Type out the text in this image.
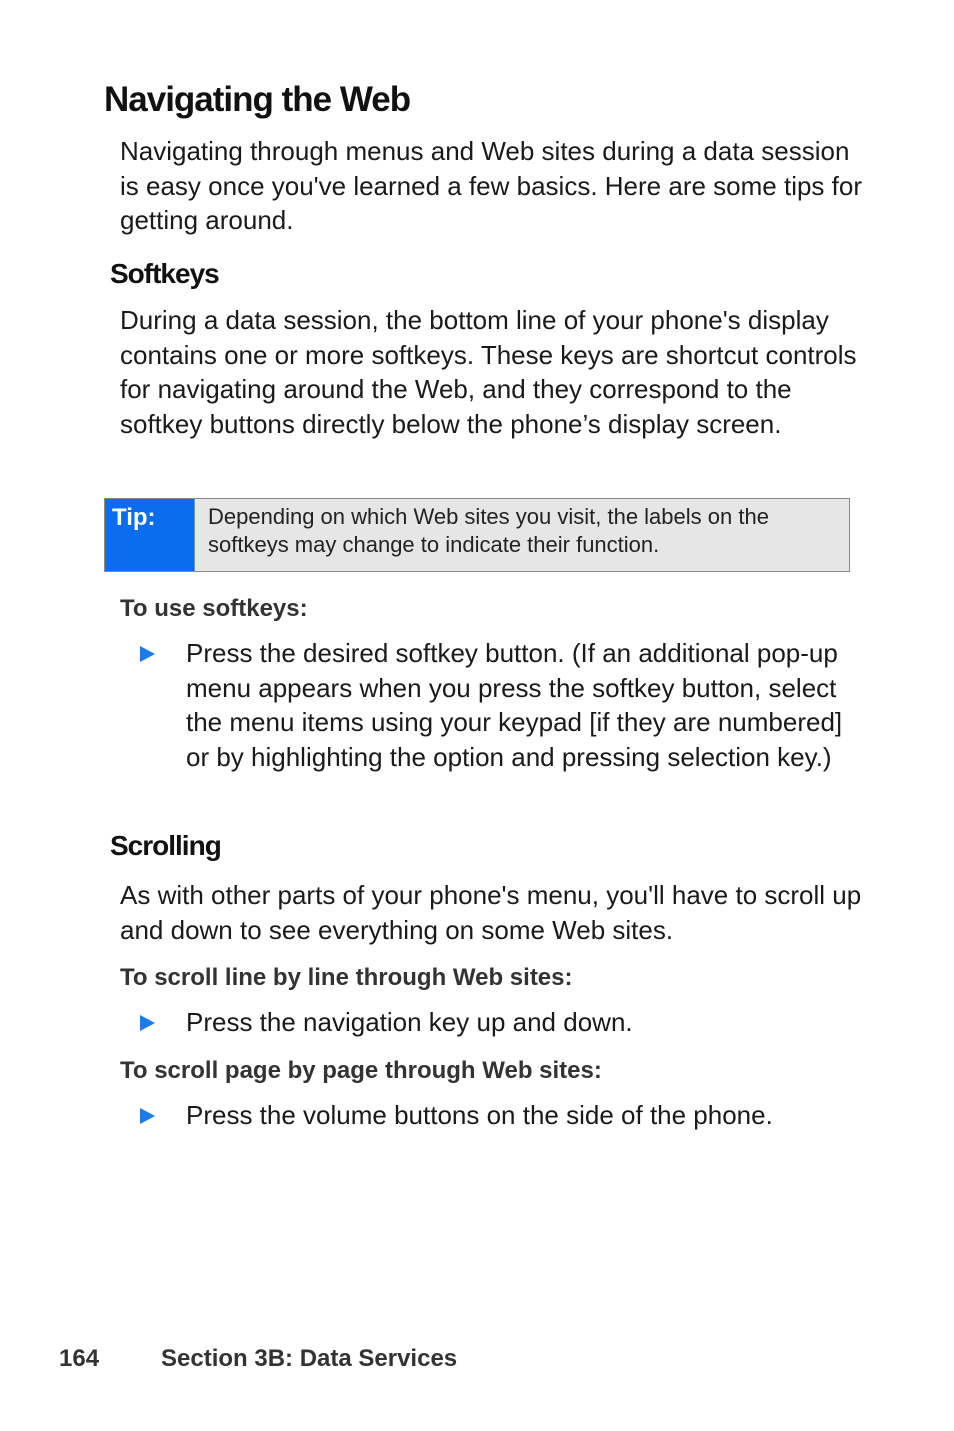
Navigating the Web

Navigating through menus and Web sites during a data session is easy once you've learned a few basics. Here are some tips for getting around.

Softkeys

During a data session, the bottom line of your phone's display contains one or more softkeys. These keys are shortcut controls for navigating around the Web, and they correspond to the softkey buttons directly below the phone’s display screen.

Tip:	Depending on which Web sites you visit, the labels on the softkeys may change to indicate their function.

To use softkeys:

Press the desired softkey button. (If an additional pop-up menu appears when you press the softkey button, select the menu items using your keypad [if they are numbered] or by highlighting the option and pressing selection key.)

Scrolling

As with other parts of your phone's menu, you'll have to scroll up and down to see everything on some Web sites.

To scroll line by line through Web sites:

Press the navigation key up and down.

To scroll page by page through Web sites:

Press the volume buttons on the side of the phone.

164	Section 3B: Data Services
